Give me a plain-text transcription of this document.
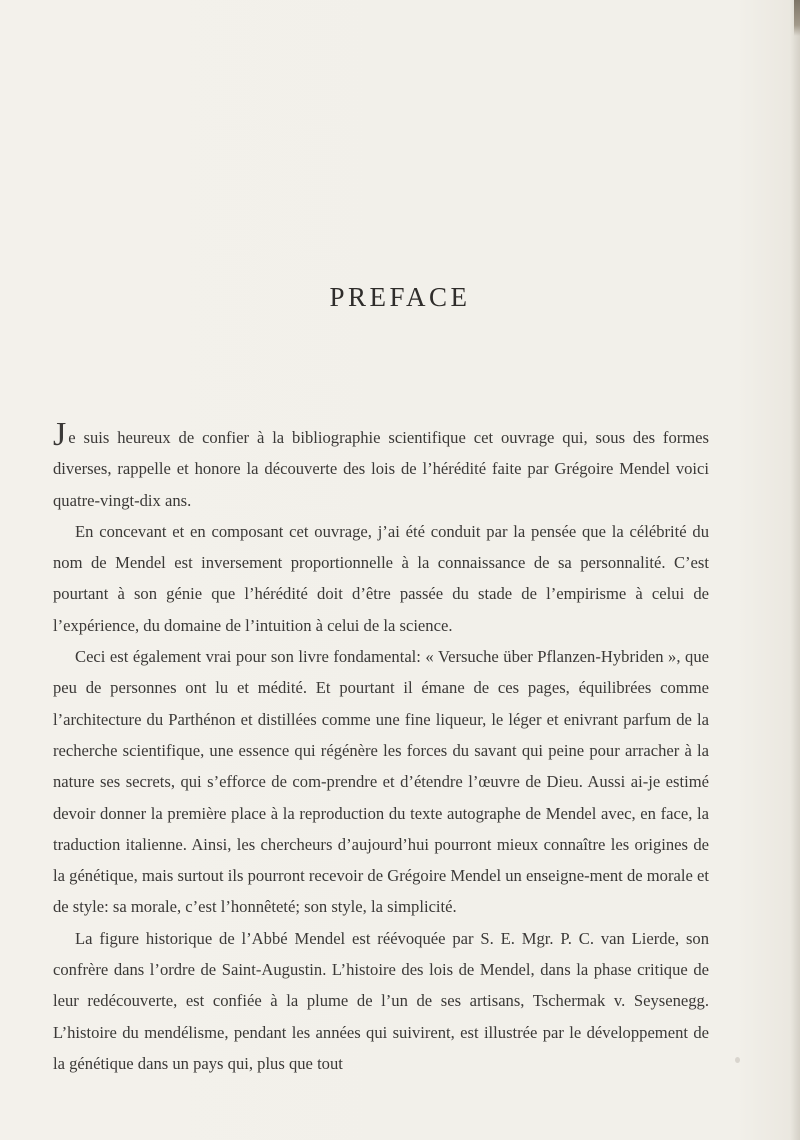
PREFACE

Je suis heureux de confier à la bibliographie scientifique cet ouvrage qui, sous des formes diverses, rappelle et honore la découverte des lois de l’hérédité faite par Grégoire Mendel voici quatre-vingt-dix ans.

En concevant et en composant cet ouvrage, j’ai été conduit par la pensée que la célébrité du nom de Mendel est inversement proportionnelle à la connaissance de sa personnalité. C’est pourtant à son génie que l’hérédité doit d’être passée du stade de l’empirisme à celui de l’expérience, du domaine de l’intuition à celui de la science.

Ceci est également vrai pour son livre fondamental: « Versuche über Pflanzen-Hybriden », que peu de personnes ont lu et médité. Et pourtant il émane de ces pages, équilibrées comme l’architecture du Parthénon et distillées comme une fine liqueur, le léger et enivrant parfum de la recherche scientifique, une essence qui régénère les forces du savant qui peine pour arracher à la nature ses secrets, qui s’efforce de com-prendre et d’étendre l’œuvre de Dieu. Aussi ai-je estimé devoir donner la première place à la reproduction du texte autographe de Mendel avec, en face, la traduction italienne. Ainsi, les chercheurs d’aujourd’hui pourront mieux connaître les origines de la génétique, mais surtout ils pourront recevoir de Grégoire Mendel un enseigne-ment de morale et de style: sa morale, c’est l’honnêteté; son style, la simplicité.

La figure historique de l’Abbé Mendel est réévoquée par S. E. Mgr. P. C. van Lierde, son confrère dans l’ordre de Saint-Augustin. L’histoire des lois de Mendel, dans la phase critique de leur redécouverte, est confiée à la plume de l’un de ses artisans, Tschermak v. Seysenegg. L’histoire du mendélisme, pendant les années qui suivirent, est illustrée par le développement de la génétique dans un pays qui, plus que tout
